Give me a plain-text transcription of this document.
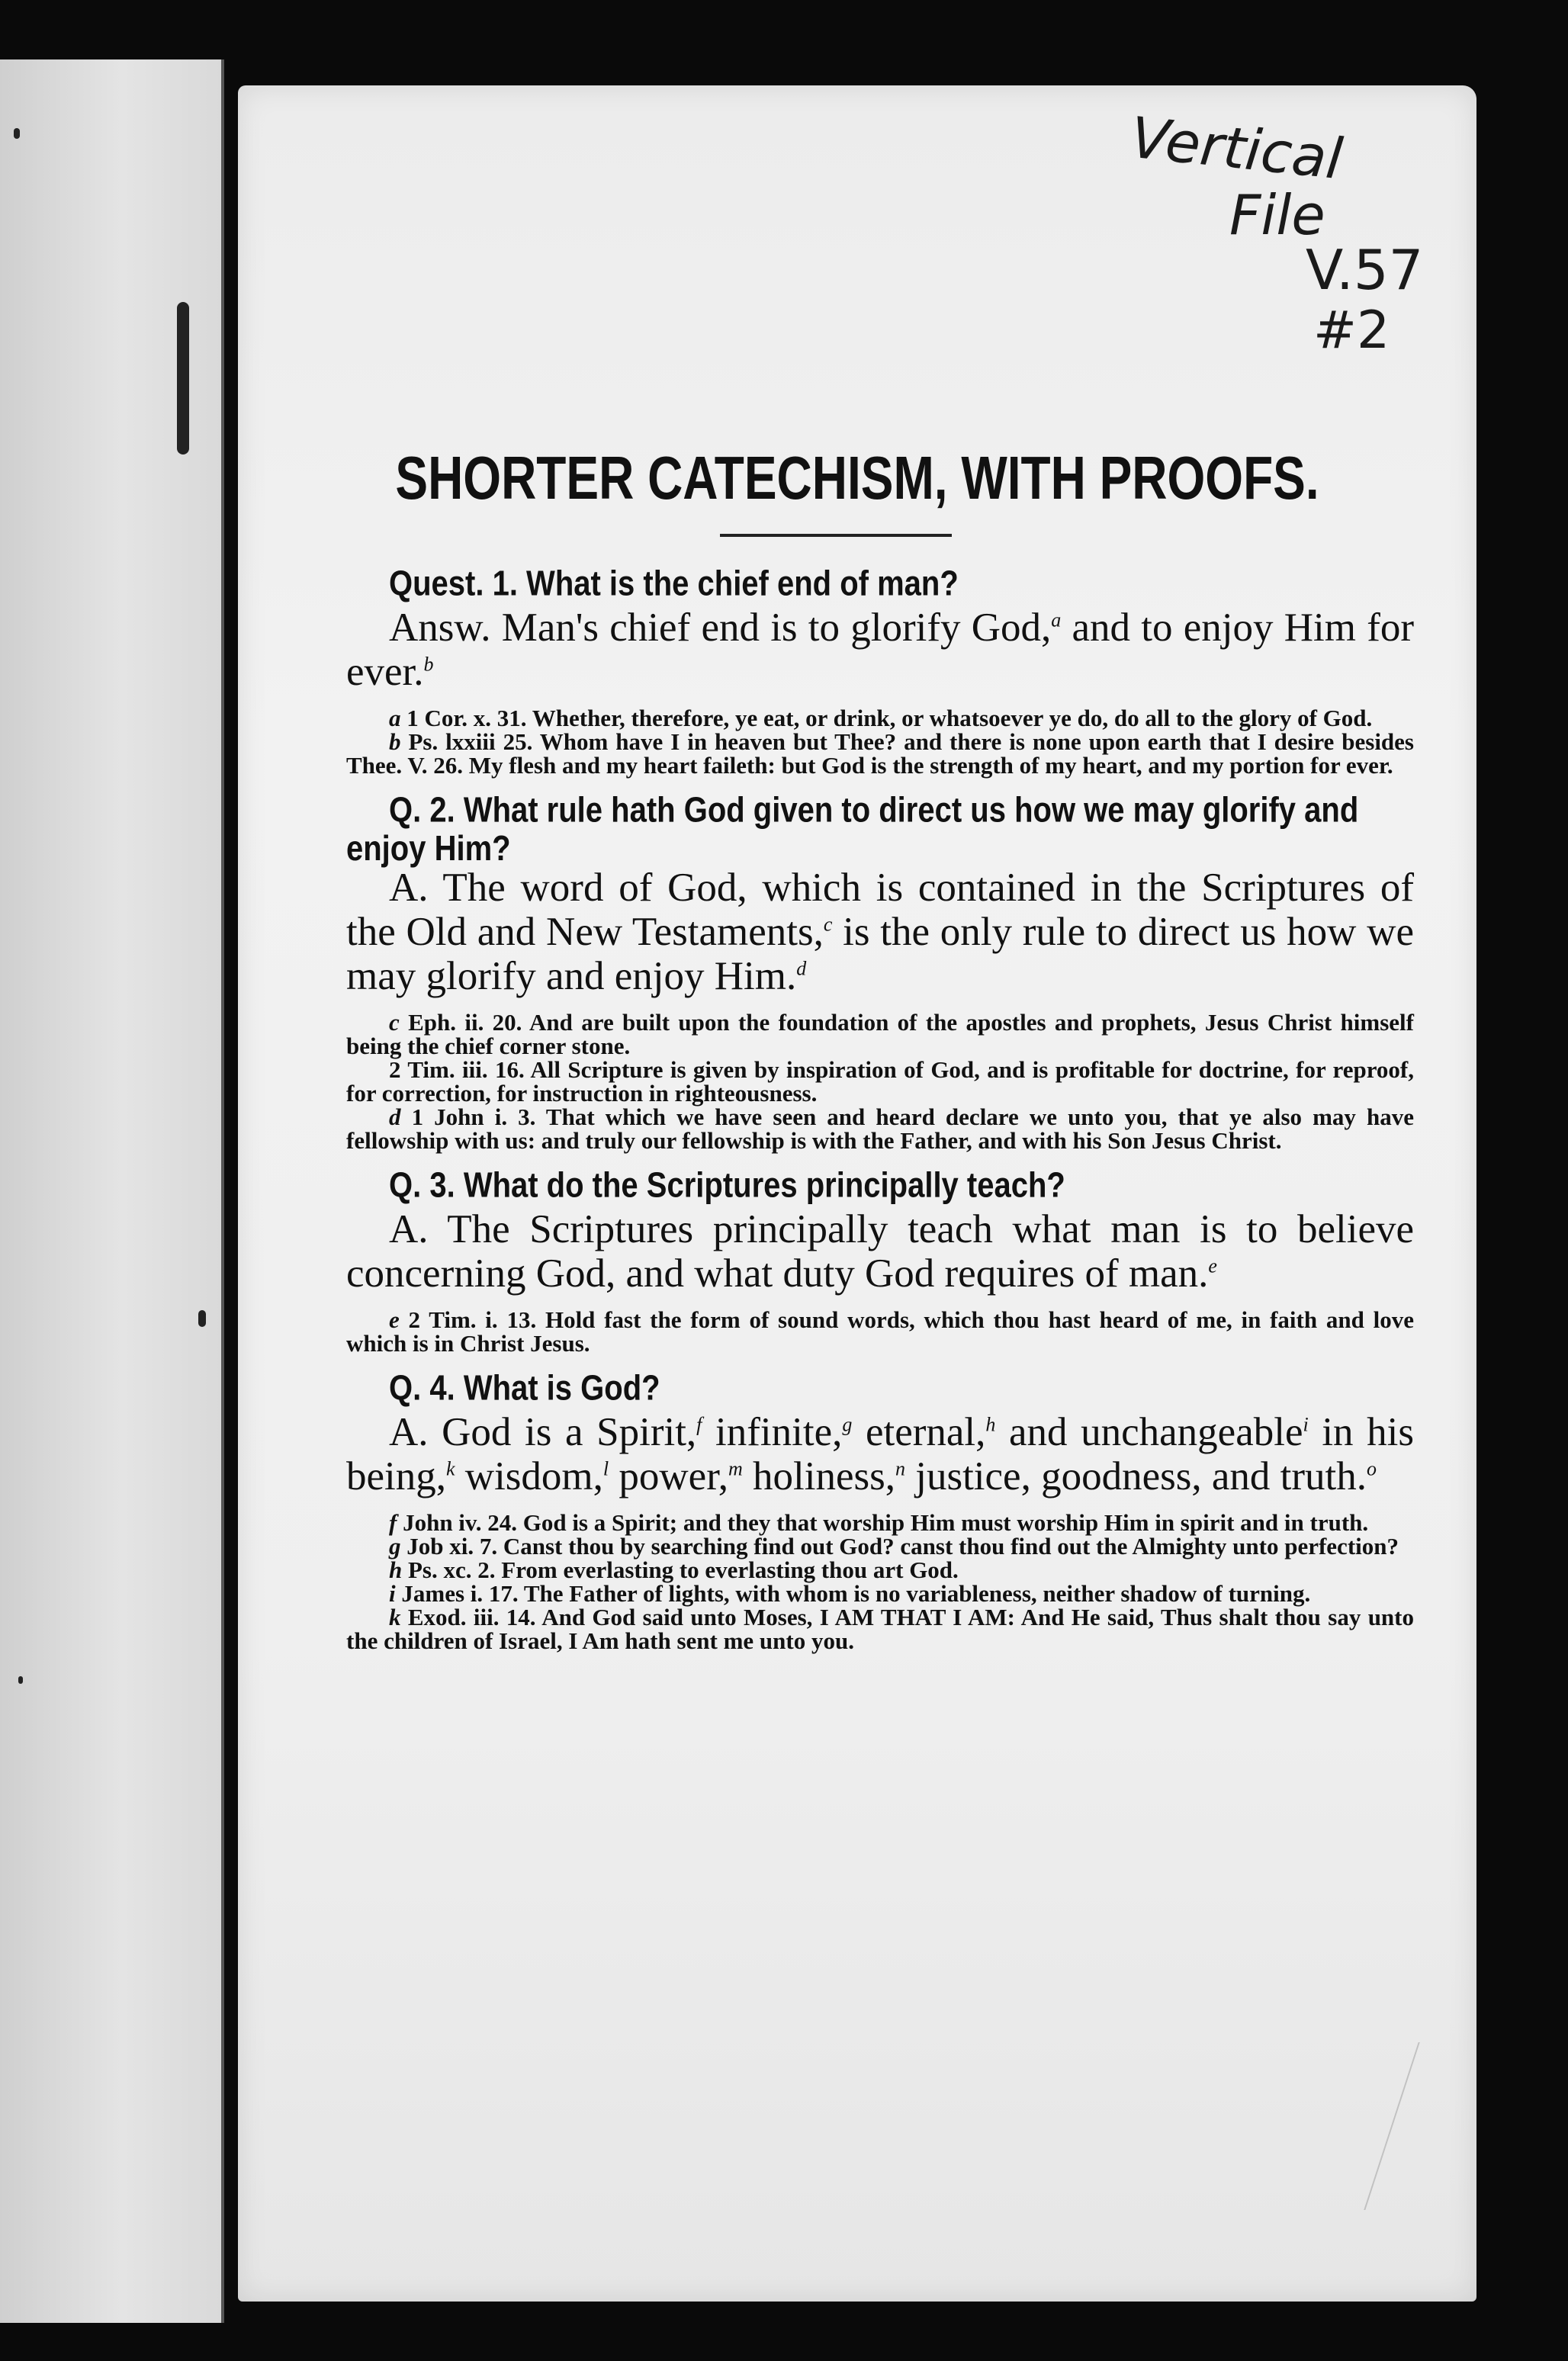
Vertical
File
V.57
#2
SHORTER CATECHISM, WITH PROOFS.
Quest. 1. What is the chief end of man?

Answ. Man's chief end is to glorify God,$^a$ and to enjoy Him for ever.$^b$

a 1 Cor. x. 31. Whether, therefore, ye eat, or drink, or whatsoever ye do, do all to the glory of God.

b Ps. lxxiii 25. Whom have I in heaven but Thee? and there is none upon earth that I desire besides Thee. V. 26. My flesh and my heart faileth: but God is the strength of my heart, and my portion for ever.

Q. 2. What rule hath God given to direct us how we may glorify and enjoy Him?

A. The word of God, which is contained in the Scriptures of the Old and New Testaments,$^c$ is the only rule to direct us how we may glorify and enjoy Him.$^d$

c Eph. ii. 20. And are built upon the foundation of the apostles and prophets, Jesus Christ himself being the chief corner stone.

2 Tim. iii. 16. All Scripture is given by inspiration of God, and is profitable for doctrine, for reproof, for correction, for instruction in righteousness.

d 1 John i. 3. That which we have seen and heard declare we unto you, that ye also may have fellowship with us: and truly our fellowship is with the Father, and with his Son Jesus Christ.

Q. 3. What do the Scriptures principally teach?

A. The Scriptures principally teach what man is to believe concerning God, and what duty God requires of man.$^e$

e 2 Tim. i. 13. Hold fast the form of sound words, which thou hast heard of me, in faith and love which is in Christ Jesus.

Q. 4. What is God?

A. God is a Spirit,$^f$ infinite,$^g$ eternal,$^h$ and unchangeable$^i$ in his being,$^k$ wisdom,$^l$ power,$^m$ holiness,$^n$ justice, goodness, and truth.$^o$

f John iv. 24. God is a Spirit; and they that worship Him must worship Him in spirit and in truth.

g Job xi. 7. Canst thou by searching find out God? canst thou find out the Almighty unto perfection?

h Ps. xc. 2. From everlasting to everlasting thou art God.

i James i. 17. The Father of lights, with whom is no variableness, neither shadow of turning.

k Exod. iii. 14. And God said unto Moses, I AM THAT I AM: And He said, Thus shalt thou say unto the children of Israel, I Am hath sent me unto you.
